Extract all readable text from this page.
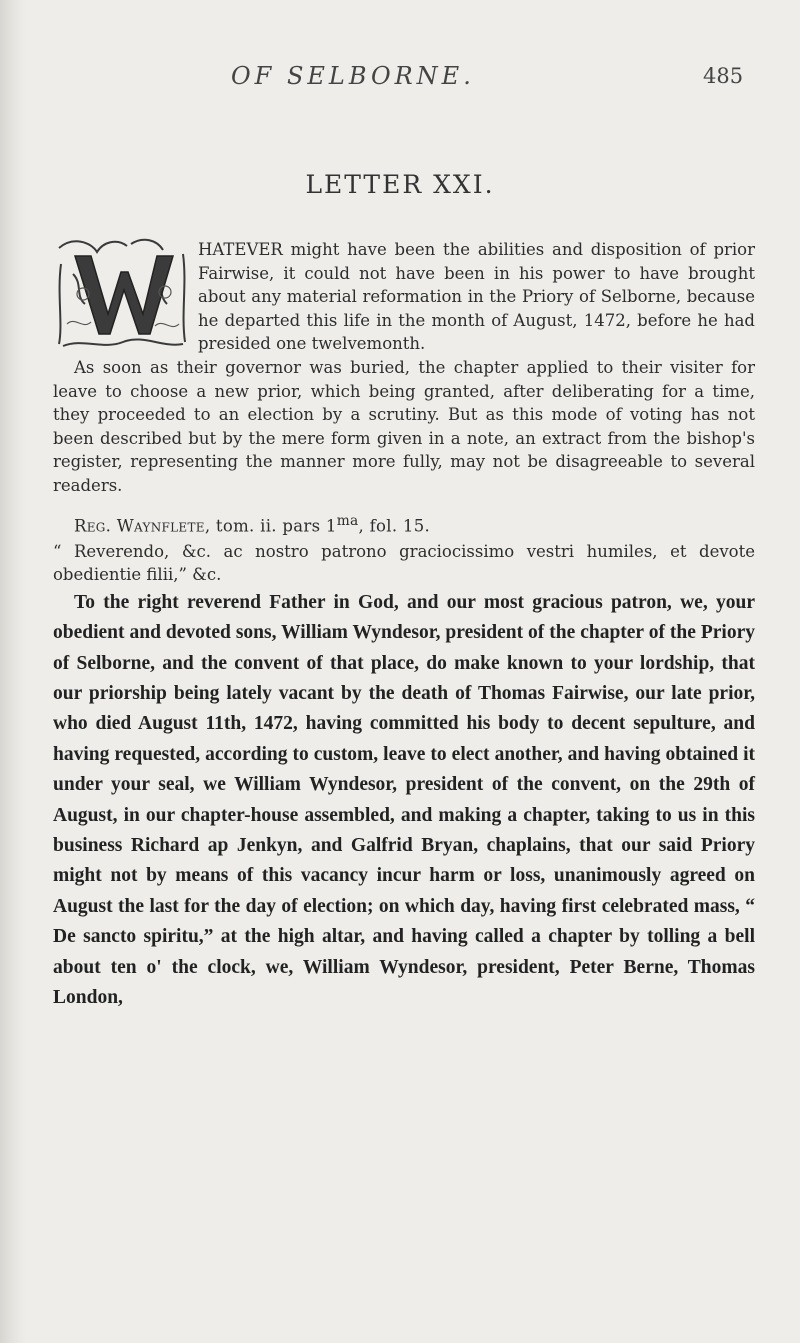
OF SELBORNE.	485
LETTER XXI.

HATEVER might have been the abilities and disposition of prior Fairwise, it could not have been in his power to have brought about any material reformation in the Priory of Selborne, because he departed this life in the month of August, 1472, before he had presided one twelvemonth.

As soon as their governor was buried, the chapter applied to their visiter for leave to choose a new prior, which being granted, after deliberating for a time, they proceeded to an election by a scrutiny. But as this mode of voting has not been described but by the mere form given in a note, an extract from the bishop's register, representing the manner more fully, may not be disagreeable to several readers.

Reg. Waynflete, tom. ii. pars $1^{ma}$, fol. 15.

“ Reverendo, &c. ac nostro patrono graciocissimo vestri humiles, et devote obedientie filii,” &c.

To the right reverend Father in God, and our most gracious patron, we, your obedient and devoted sons, William Wyndesor, president of the chapter of the Priory of Selborne, and the convent of that place, do make known to your lordship, that our priorship being lately vacant by the death of Thomas Fairwise, our late prior, who died August 11th, 1472, having committed his body to decent sepulture, and having requested, according to custom, leave to elect another, and having obtained it under your seal, we William Wyndesor, president of the convent, on the 29th of August, in our chapter-house assembled, and making a chapter, taking to us in this business Richard ap Jenkyn, and Galfrid Bryan, chaplains, that our said Priory might not by means of this vacancy incur harm or loss, unanimously agreed on August the last for the day of election; on which day, having first celebrated mass, “ De sancto spiritu,” at the high altar, and having called a chapter by tolling a bell about ten o' the clock, we, William Wyndesor, president, Peter Berne, Thomas London,
